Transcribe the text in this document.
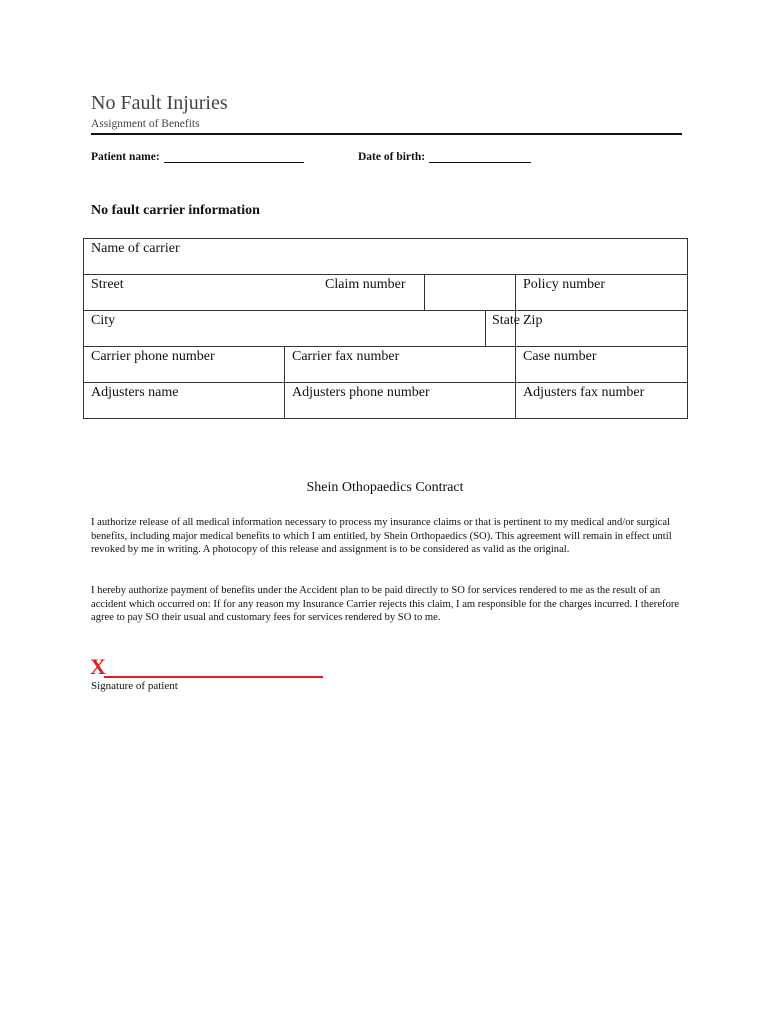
No Fault Injuries
Assignment of Benefits
Patient name:	Date of birth:
No fault carrier information
Name of carrier				
Street		Claim number		Policy number
City			State	Zip
Carrier phone number	Carrier fax number			Case number
Adjusters name	Adjusters phone number			Adjusters fax number
Shein Othopaedics Contract
I authorize release of all medical information necessary to process my insurance claims or that is pertinent to my medical and/or surgical benefits, including major medical benefits to which I am entitled, by Shein Orthopaedics (SO). This agreement will remain in effect until revoked by me in writing. A photocopy of this release and assignment is to be considered as valid as the original.
I hereby authorize payment of benefits under the Accident plan to be paid directly to SO for services rendered to me as the result of an accident which occurred on: If for any reason my Insurance Carrier rejects this claim, I am responsible for the charges incurred. I therefore agree to pay SO their usual and customary fees for services rendered by SO to me.
X
Signature of patient
